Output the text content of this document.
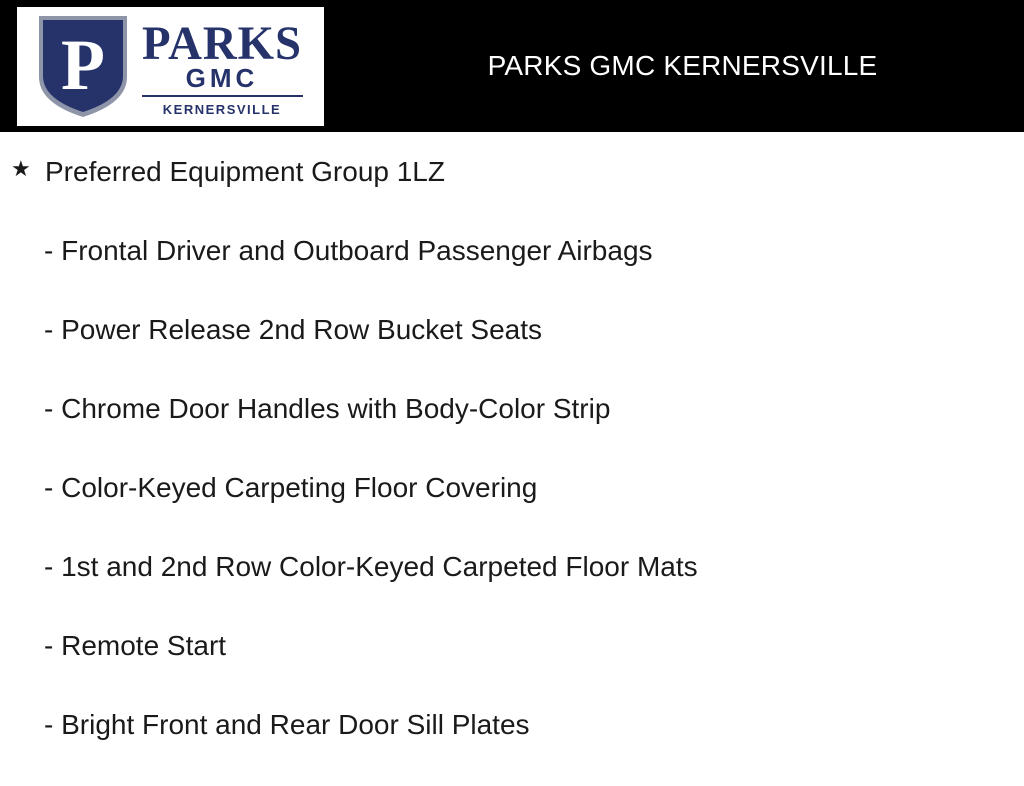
P PARKS
GMC
KERNERSVILLE
PARKS GMC KERNERSVILLE
★ Preferred Equipment Group 1LZ
- Frontal Driver and Outboard Passenger Airbags
- Power Release 2nd Row Bucket Seats
- Chrome Door Handles with Body-Color Strip
- Color-Keyed Carpeting Floor Covering
- 1st and 2nd Row Color-Keyed Carpeted Floor Mats
- Remote Start
- Bright Front and Rear Door Sill Plates
